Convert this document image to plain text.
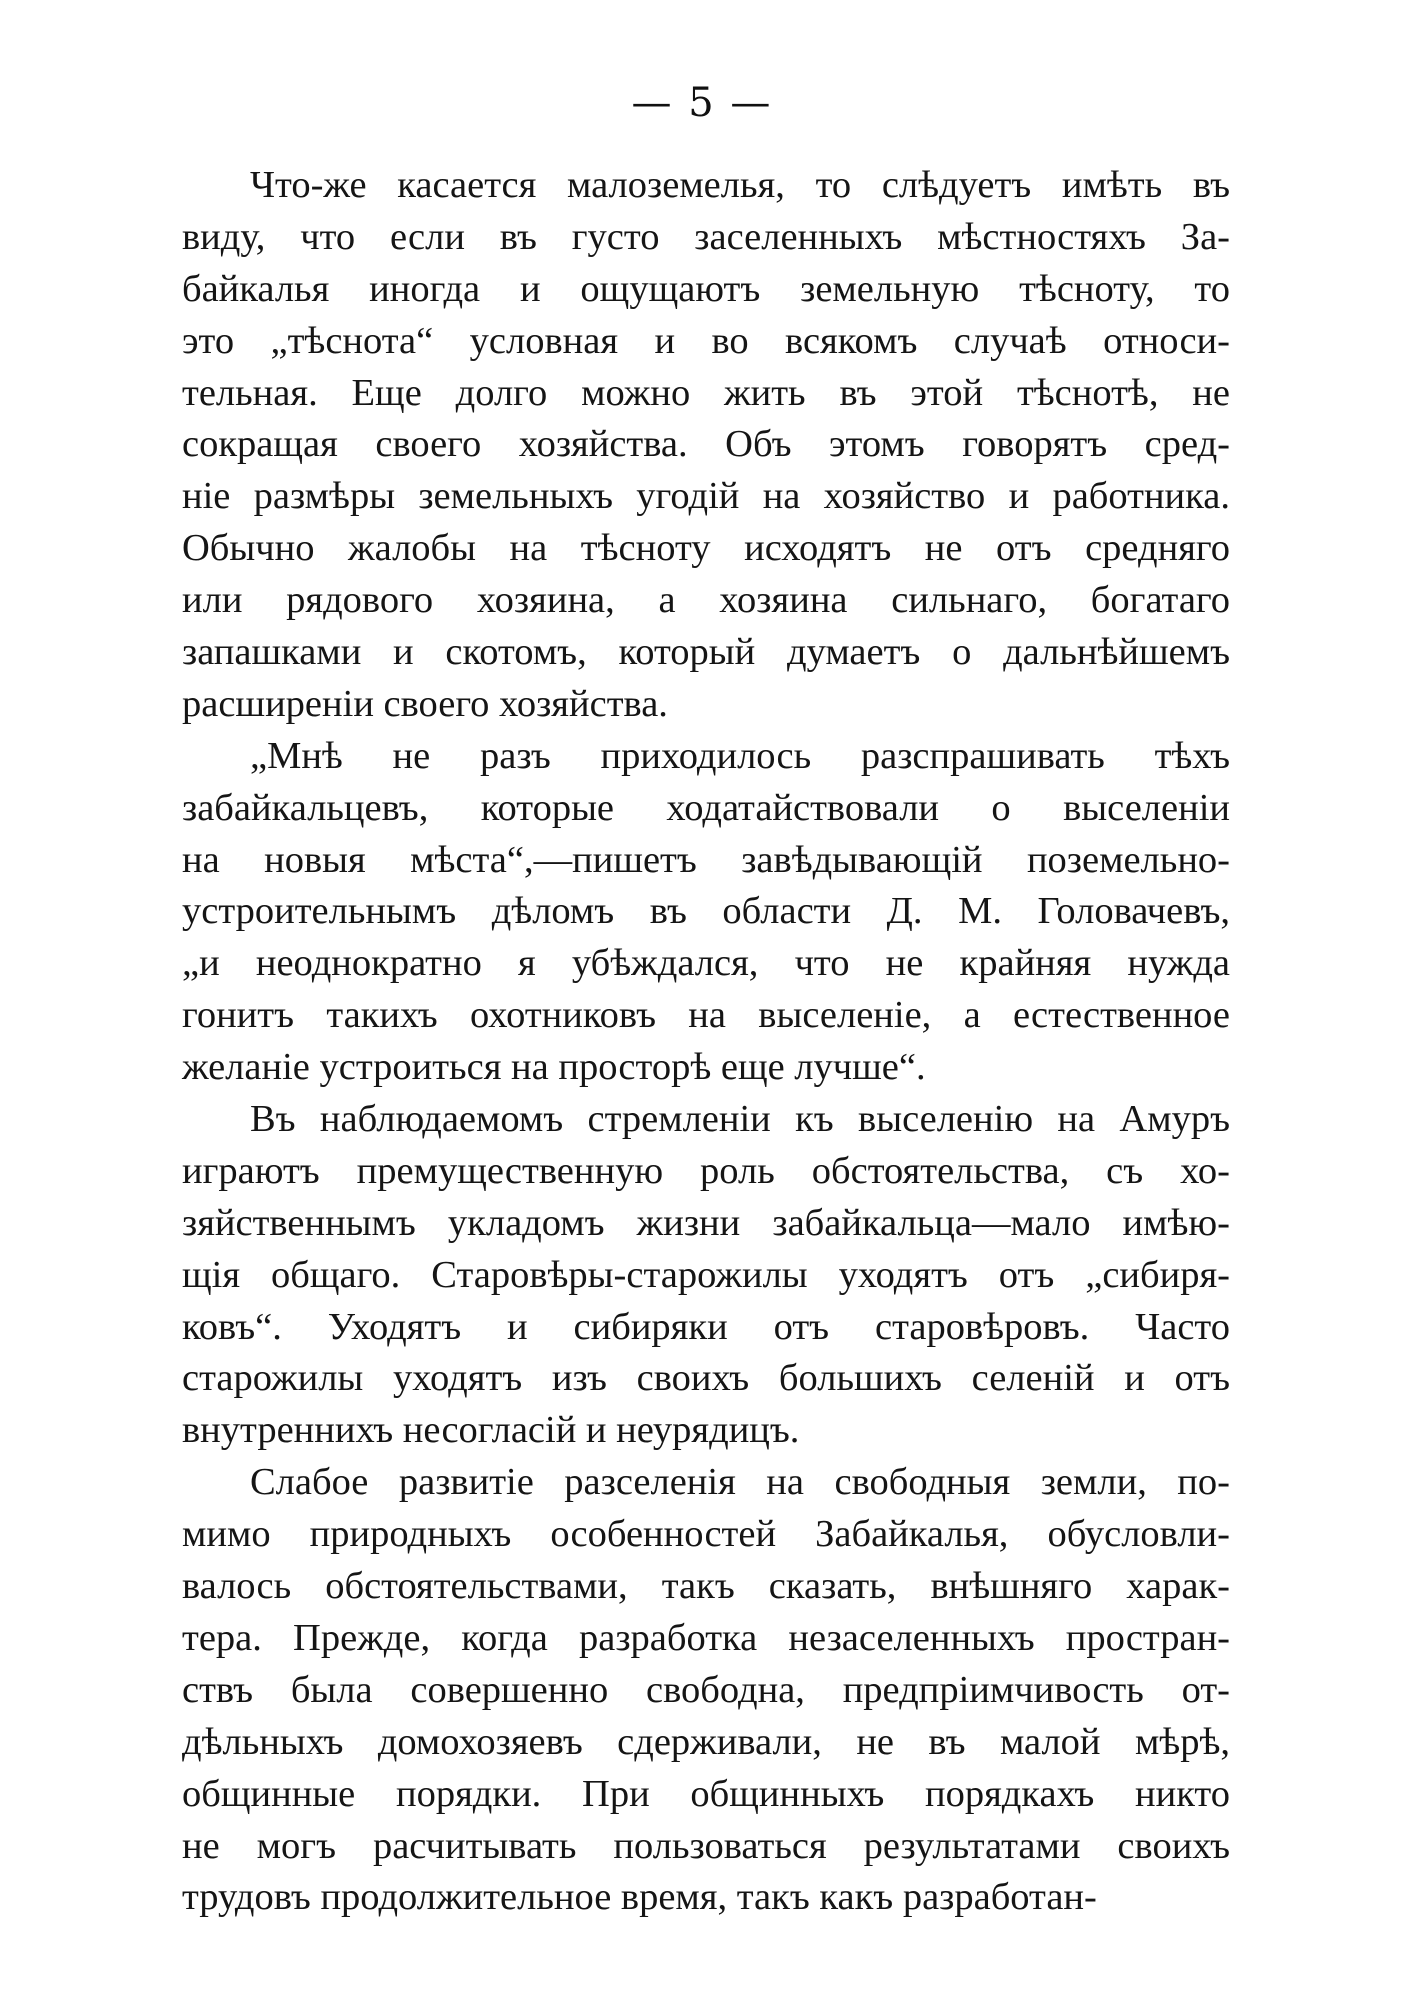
— 5 —
Что-же касается малоземелья, то слѣдуетъ имѣть въ
виду, что если въ густо заселенныхъ мѣстностяхъ За-
байкалья иногда и ощущаютъ земельную тѣсноту, то
это „тѣснота“ условная и во всякомъ случаѣ относи-
тельная. Еще долго можно жить въ этой тѣснотѣ, не
сокращая своего хозяйства. Объ этомъ говорятъ сред-
ніе размѣры земельныхъ угодій на хозяйство и работника.
Обычно жалобы на тѣсноту исходятъ не отъ средняго
или рядового хозяина, а хозяина сильнаго, богатаго
запашками и скотомъ, который думаетъ о дальнѣйшемъ
расширеніи своего хозяйства.
„Мнѣ не разъ приходилось разспрашивать тѣхъ
забайкальцевъ, которые ходатайствовали о выселеніи
на новыя мѣста“,—пишетъ завѣдывающій поземельно-
устроительнымъ дѣломъ въ области Д. М. Головачевъ,
„и неоднократно я убѣждался, что не крайняя нужда
гонитъ такихъ охотниковъ на выселеніе, а естественное
желаніе устроиться на просторѣ еще лучше“.
Въ наблюдаемомъ стремленіи къ выселенію на Амуръ
играютъ премущественную роль обстоятельства, съ хо-
зяйственнымъ укладомъ жизни забайкальца—мало имѣю-
щія общаго. Старовѣры-старожилы уходятъ отъ „сибиря-
ковъ“. Уходятъ и сибиряки отъ старовѣровъ. Часто
старожилы уходятъ изъ своихъ большихъ селеній и отъ
внутреннихъ несогласій и неурядицъ.
Слабое развитіе разселенія на свободныя земли, по-
мимо природныхъ особенностей Забайкалья, обусловли-
валось обстоятельствами, такъ сказать, внѣшняго харак-
тера. Прежде, когда разработка незаселенныхъ простран-
ствъ была совершенно свободна, предпріимчивость от-
дѣльныхъ домохозяевъ сдерживали, не въ малой мѣрѣ,
общинные порядки. При общинныхъ порядкахъ никто
не могъ расчитывать пользоваться результатами своихъ
трудовъ продолжительное время, такъ какъ разработан-
